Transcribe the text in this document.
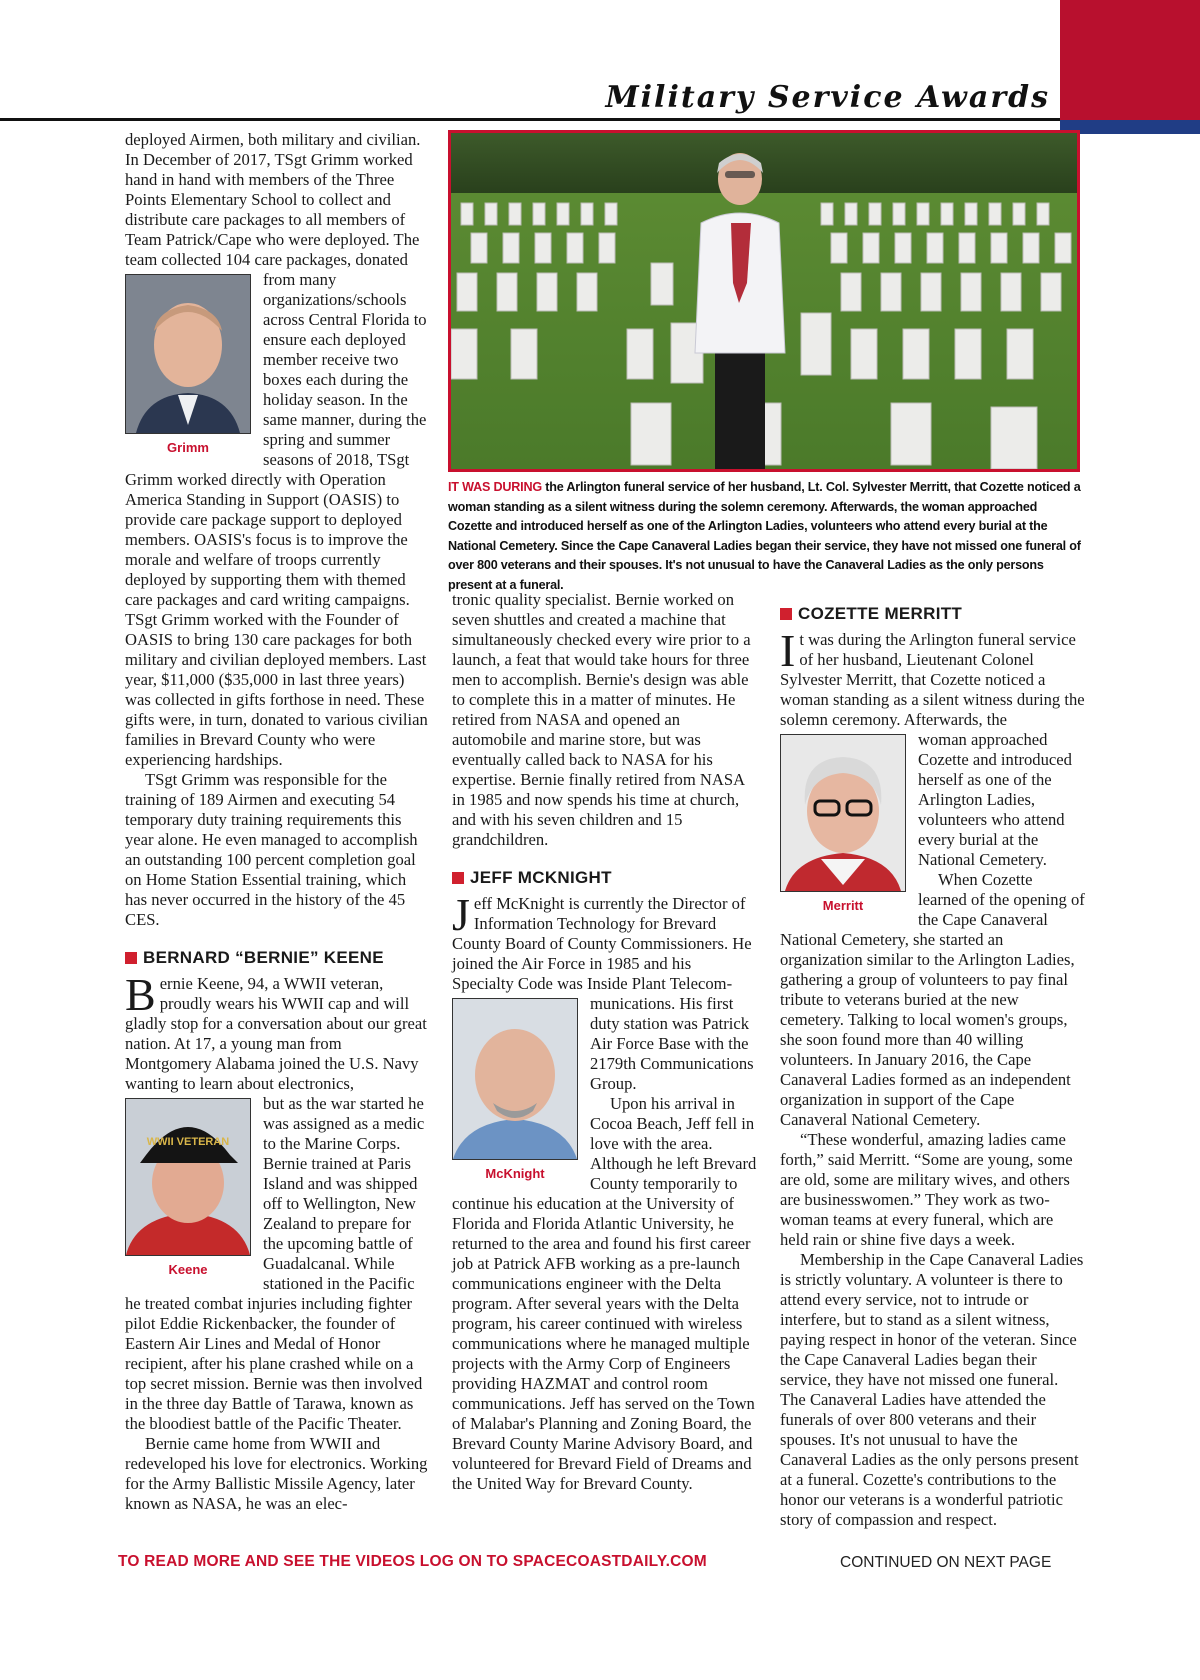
Military Service Awards
IT WAS DURING the Arlington funeral service of her husband, Lt. Col. Sylvester Merritt, that Cozette noticed a woman standing as a silent witness during the solemn ceremony. Afterwards, the woman approached Cozette and introduced herself as one of the Arlington Ladies, volunteers who attend every burial at the National Cemetery. Since the Cape Canaveral Ladies began their service, they have not missed one funeral of over 800 veterans and their spouses. It's not unusual to have the Canaveral Ladies as the only persons present at a funeral.

deployed Airmen, both military and civilian. In December of 2017, TSgt Grimm worked hand in hand with members of the Three Points Elementary School to collect and distribute care packages to all members of Team Patrick/Cape who were deployed. The team collected 104 care packages, donated

Grimm

from many organizations/schools across Central Florida to ensure each deployed member receive two boxes each during the holiday season. In the same manner, during the spring and summer seasons of 2018, TSgt Grimm worked directly with Operation America Standing in Support (OASIS) to provide care package support to deployed members. OASIS's focus is to improve the morale and welfare of troops currently deployed by supporting them with themed care packages and card writing campaigns. TSgt Grimm worked with the Founder of OASIS to bring 130 care packages for both military and civilian deployed members. Last year, $11,000 ($35,000 in last three years) was collected in gifts forthose in need. These gifts were, in turn, donated to various civilian families in Brevard County who were experiencing hardships.

TSgt Grimm was responsible for the training of 189 Airmen and executing 54 temporary duty training requirements this year alone. He even managed to accomplish an outstanding 100 percent completion goal on Home Station Essential training, which has never occurred in the history of the 45 CES.

BERNARD “BERNIE” KEENE
B ernie Keene, 94, a WWII veteran, proudly wears his WWII cap and will gladly stop for a conversation about our great nation. At 17, a young man from Montgomery Alabama joined the U.S. Navy wanting to learn about electronics,

WWII VETERAN
Keene

but as the war started he was assigned as a medic to the Marine Corps. Bernie trained at Paris Island and was shipped off to Wellington, New Zealand to prepare for the upcoming battle of Guadalcanal. While stationed in the Pacific he treated combat injuries including fighter pilot Eddie Rickenbacker, the founder of Eastern Air Lines and Medal of Honor recipient, after his plane crashed while on a top secret mission. Bernie was then involved in the three day Battle of Tarawa, known as the bloodiest battle of the Pacific Theater.

Bernie came home from WWII and redeveloped his love for electronics. Working for the Army Ballistic Missile Agency, later known as NASA, he was an elec-

tronic quality specialist. Bernie worked on seven shuttles and created a machine that simultaneously checked every wire prior to a launch, a feat that would take hours for three men to accomplish. Bernie's design was able to complete this in a matter of minutes. He retired from NASA and opened an automobile and marine store, but was eventually called back to NASA for his expertise. Bernie finally retired from NASA in 1985 and now spends his time at church, and with his seven children and 15 grandchildren.

JEFF MCKNIGHT
J eff McKnight is currently the Director of Information Technology for Brevard County Board of County Commissioners. He joined the Air Force in 1985 and his Specialty Code was Inside Plant Telecom-

McKnight

munications. His first duty station was Patrick Air Force Base with the 2179th Communications Group.

Upon his arrival in Cocoa Beach, Jeff fell in love with the area. Although he left Brevard County temporarily to continue his education at the University of Florida and Florida Atlantic University, he returned to the area and found his first career job at Patrick AFB working as a pre-launch communications engineer with the Delta program. After several years with the Delta program, his career continued with wireless communications where he managed multiple projects with the Army Corp of Engineers providing HAZMAT and control room communications. Jeff has served on the Town of Malabar's Planning and Zoning Board, the Brevard County Marine Advisory Board, and volunteered for Brevard Field of Dreams and the United Way for Brevard County.

COZETTE MERRITT
I t was during the Arlington funeral service of her husband, Lieutenant Colonel Sylvester Merritt, that Cozette noticed a woman standing as a silent witness during the solemn ceremony. Afterwards, the

Merritt

woman approached Cozette and introduced herself as one of the Arlington Ladies, volunteers who attend every burial at the National Cemetery.

When Cozette learned of the opening of the Cape Canaveral National Cemetery, she started an organization similar to the Arlington Ladies, gathering a group of volunteers to pay final tribute to veterans buried at the new cemetery. Talking to local women's groups, she soon found more than 40 willing volunteers. In January 2016, the Cape Canaveral Ladies formed as an independent organization in support of the Cape Canaveral National Cemetery.

“These wonderful, amazing ladies came forth,” said Merritt. “Some are young, some are old, some are military wives, and others are businesswomen.” They work as two-woman teams at every funeral, which are held rain or shine five days a week.

Membership in the Cape Canaveral Ladies is strictly voluntary. A volunteer is there to attend every service, not to intrude or interfere, but to stand as a silent witness, paying respect in honor of the veteran. Since the Cape Canaveral Ladies began their service, they have not missed one funeral. The Canaveral Ladies have attended the funerals of over 800 veterans and their spouses. It's not unusual to have the Canaveral Ladies as the only persons present at a funeral. Cozette's contributions to the honor our veterans is a wonderful patriotic story of compassion and respect.

TO READ MORE AND SEE THE VIDEOS LOG ON TO SPACECOASTDAILY.COM	CONTINUED ON NEXT PAGE
